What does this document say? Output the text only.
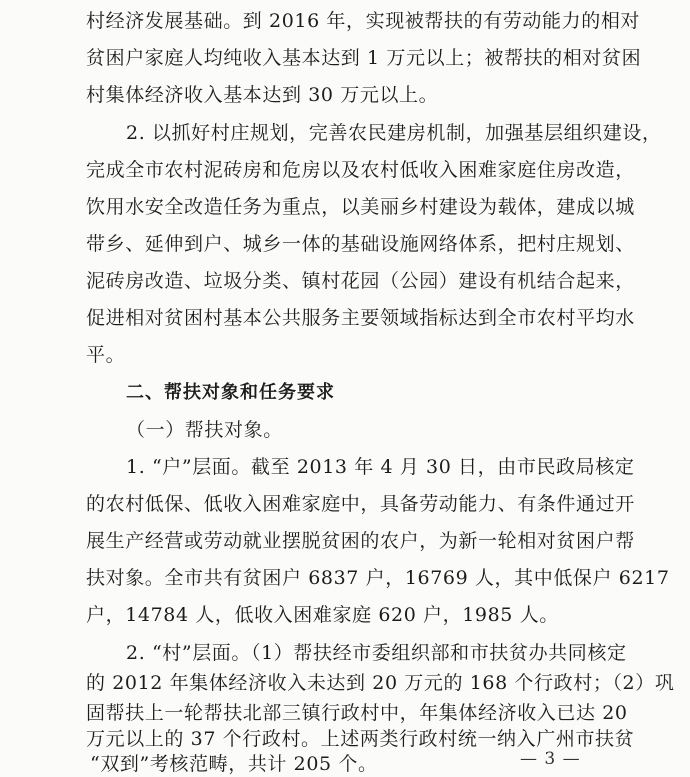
村经济发展基础。到 2016 年，实现被帮扶的有劳动能力的相对
贫困户家庭人均纯收入基本达到 1 万元以上；被帮扶的相对贫困
村集体经济收入基本达到 30 万元以上。
2. 以抓好村庄规划，完善农民建房机制，加强基层组织建设，
完成全市农村泥砖房和危房以及农村低收入困难家庭住房改造，
饮用水安全改造任务为重点，以美丽乡村建设为载体，建成以城
带乡、延伸到户、城乡一体的基础设施网络体系，把村庄规划、
泥砖房改造、垃圾分类、镇村花园（公园）建设有机结合起来，
促进相对贫困村基本公共服务主要领域指标达到全市农村平均水
平。
二、帮扶对象和任务要求
（一）帮扶对象。
1. “户”层面。截至 2013 年 4 月 30 日，由市民政局核定
的农村低保、低收入困难家庭中，具备劳动能力、有条件通过开
展生产经营或劳动就业摆脱贫困的农户，为新一轮相对贫困户帮
扶对象。全市共有贫困户 6837 户，16769 人，其中低保户 6217
户，14784 人，低收入困难家庭 620 户，1985 人。
2. “村”层面。（1）帮扶经市委组织部和市扶贫办共同核定
的 2012 年集体经济收入未达到 20 万元的 168 个行政村；（2）巩
固帮扶上一轮帮扶北部三镇行政村中，年集体经济收入已达 20
万元以上的 37 个行政村。上述两类行政村统一纳入广州市扶贫
“双到”考核范畴，共计 205 个。	— 3 —
